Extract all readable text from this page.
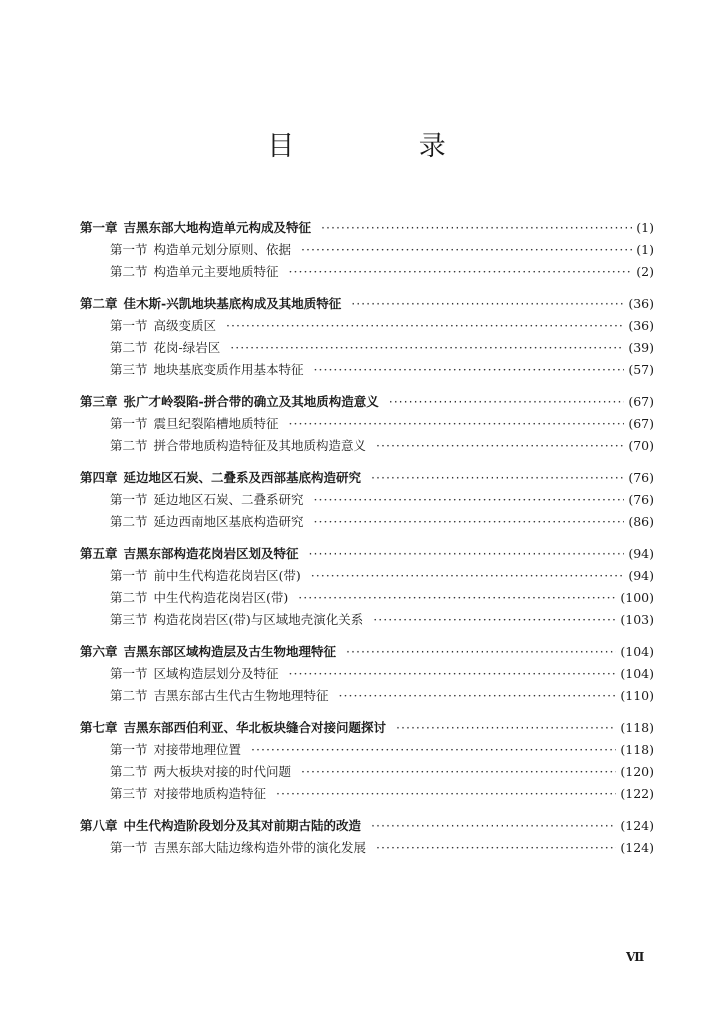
目 录
第一章 吉黑东部大地构造单元构成及特征 ·····	(1)
第一节 构造单元划分原则、依据 ·····	(1)
第二节 构造单元主要地质特征 ·····	(2)
第二章 佳木斯-兴凯地块基底构成及其地质特征 ·····	(36)
第一节 高级变质区 ·····	(36)
第二节 花岗-绿岩区 ·····	(39)
第三节 地块基底变质作用基本特征 ·····	(57)
第三章 张广才岭裂陷-拼合带的确立及其地质构造意义 ·····	(67)
第一节 震旦纪裂陷槽地质特征 ·····	(67)
第二节 拼合带地质构造特征及其地质构造意义 ·····	(70)
第四章 延边地区石炭、二叠系及西部基底构造研究 ·····	(76)
第一节 延边地区石炭、二叠系研究 ·····	(76)
第二节 延边西南地区基底构造研究 ·····	(86)
第五章 吉黑东部构造花岗岩区划及特征 ·····	(94)
第一节 前中生代构造花岗岩区(带) ·····	(94)
第二节 中生代构造花岗岩区(带) ·····	(100)
第三节 构造花岗岩区(带)与区域地壳演化关系 ·····	(103)
第六章 吉黑东部区域构造层及古生物地理特征 ·····	(104)
第一节 区域构造层划分及特征 ·····	(104)
第二节 吉黑东部古生代古生物地理特征 ·····	(110)
第七章 吉黑东部西伯利亚、华北板块缝合对接问题探讨 ·····	(118)
第一节 对接带地理位置 ·····	(118)
第二节 两大板块对接的时代问题 ·····	(120)
第三节 对接带地质构造特征 ·····	(122)
第八章 中生代构造阶段划分及其对前期古陆的改造 ·····	(124)
第一节 吉黑东部大陆边缘构造外带的演化发展 ·····	(124)
Ⅶ
